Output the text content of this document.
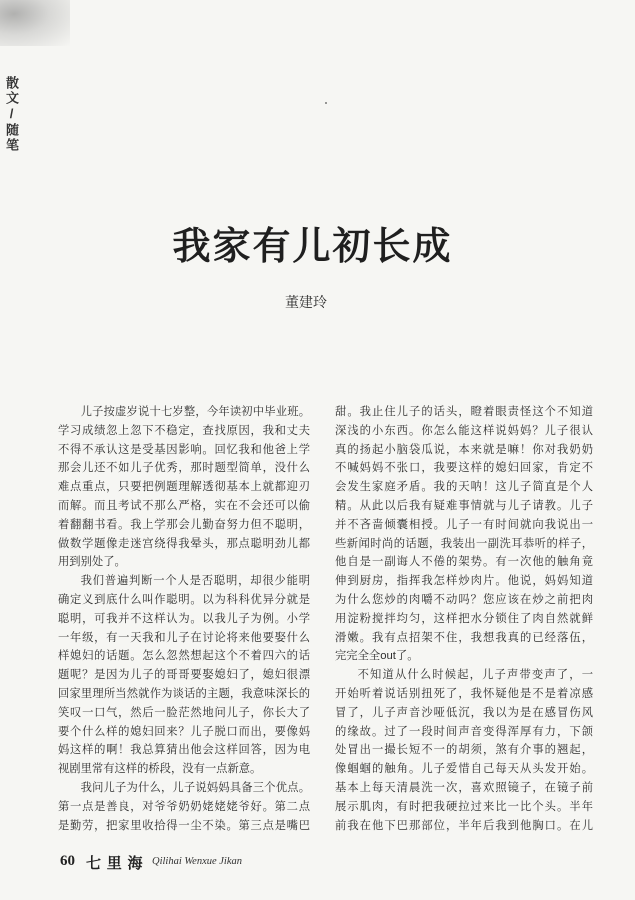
散文/随笔
我家有儿初长成
董建玲
儿子按虚岁说十七岁整，今年读初中毕业班。
学习成绩忽上忽下不稳定，查找原因，我和丈夫
不得不承认这是受基因影响。回忆我和他爸上学
那会儿还不如儿子优秀，那时题型简单，没什么
难点重点，只要把例题理解透彻基本上就都迎刃
而解。而且考试不那么严格，实在不会还可以偷
着翻翻书看。我上学那会儿勤奋努力但不聪明，
做数学题像走迷宫绕得我晕头，那点聪明劲儿都
用到别处了。
我们普遍判断一个人是否聪明，却很少能明
确定义到底什么叫作聪明。以为科科优异分就是
聪明，可我并不这样认为。以我儿子为例。小学
一年级，有一天我和儿子在讨论将来他要娶什么
样媳妇的话题。怎么忽然想起这个不着四六的话
题呢？是因为儿子的哥哥要娶媳妇了，媳妇很漂
回家里理所当然就作为谈话的主题，我意味深长的
笑叹一口气，然后一脸茫然地问儿子，你长大了
要个什么样的媳妇回来？儿子脱口而出，要像妈
妈这样的啊！我总算猜出他会这样回答，因为电
视剧里常有这样的桥段，没有一点新意。
我问儿子为什么，儿子说妈妈具备三个优点。
第一点是善良，对爷爷奶奶姥姥姥爷好。第二点
是勤劳，把家里收拾得一尘不染。第三点是嘴巴
甜。我止住儿子的话头，瞪着眼责怪这个不知道
深浅的小东西。你怎么能这样说妈妈？儿子很认
真的扬起小脑袋瓜说，本来就是嘛！你对我奶奶
不喊妈妈不张口，我要这样的媳妇回家，肯定不
会发生家庭矛盾。我的天呐！这儿子简直是个人
精。从此以后我有疑难事情就与儿子请教。儿子
并不吝啬倾囊相授。儿子一有时间就向我说出一
些新闻时尚的话题，我装出一副洗耳恭听的样子，
他自是一副诲人不倦的架势。有一次他的触角竟
伸到厨房，指挥我怎样炒肉片。他说，妈妈知道
为什么您炒的肉嚼不动吗？您应该在炒之前把肉
用淀粉搅拌均匀，这样把水分锁住了肉自然就鲜
滑嫩。我有点招架不住，我想我真的已经落伍，
完完全全out了。
不知道从什么时候起，儿子声带变声了，一
开始听着说话别扭死了，我怀疑他是不是着凉感
冒了，儿子声音沙哑低沉，我以为是在感冒伤风
的缘故。过了一段时间声音变得浑厚有力，下颌
处冒出一撮长短不一的胡须，煞有介事的翘起，
像蝈蝈的触角。儿子爱惜自己每天从头发开始。
基本上每天清晨洗一次，喜欢照镜子，在镜子前
展示肌肉，有时把我硬拉过来比一比个头。半年
前我在他下巴那部位，半年后我到他胸口。在儿
60 七 里 海 Qilihai Wenxue Jikan
